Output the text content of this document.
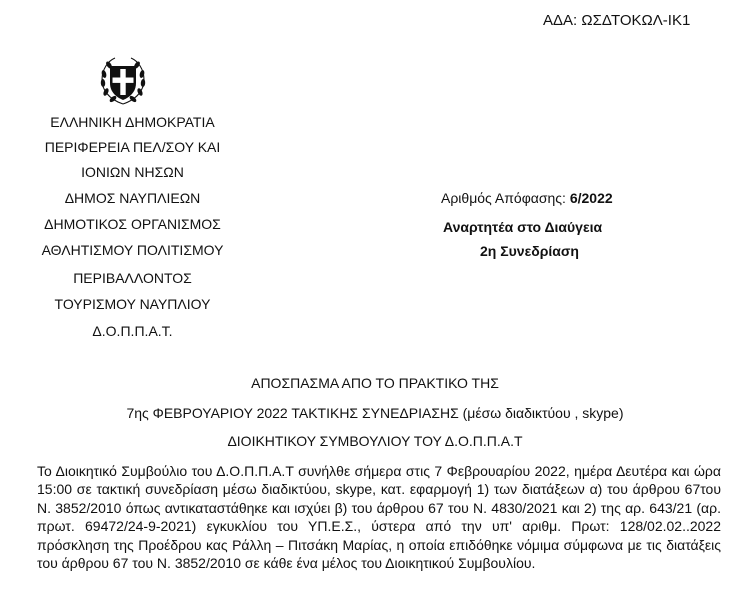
ΑΔΑ: ΩΣΔΤΟΚΩΛ-ΙΚ1
ΕΛΛΗΝΙΚΗ ΔΗΜΟΚΡΑΤΙΑ
ΠΕΡΙΦΕΡΕΙΑ ΠΕΛ/ΣΟΥ ΚΑΙ
ΙΟΝΙΩΝ ΝΗΣΩΝ
ΔΗΜΟΣ ΝΑΥΠΛΙΕΩΝ
ΔΗΜΟΤΙΚΟΣ ΟΡΓΑΝΙΣΜΟΣ
ΑΘΛΗΤΙΣΜΟΥ ΠΟΛΙΤΙΣΜΟΥ
ΠΕΡΙΒΑΛΛΟΝΤΟΣ
ΤΟΥΡΙΣΜΟΥ ΝΑΥΠΛΙΟΥ
Δ.Ο.Π.Π.Α.Τ.
Αριθμός Απόφασης: 6/2022
Αναρτητέα στο Διαύγεια
2η Συνεδρίαση
ΑΠΟΣΠΑΣΜΑ ΑΠΟ ΤΟ ΠΡΑΚΤΙΚΟ ΤΗΣ
7ης ΦΕΒΡΟΥΑΡΙΟΥ 2022 ΤΑΚΤΙΚΗΣ ΣΥΝΕΔΡΙΑΣΗΣ (μέσω διαδικτύου , skype)
ΔΙΟΙΚΗΤΙΚΟΥ ΣΥΜΒΟΥΛΙΟΥ ΤΟΥ Δ.Ο.Π.Π.Α.Τ
Το Διοικητικό Συμβούλιο του Δ.Ο.Π.Π.Α.Τ συνήλθε σήμερα στις 7 Φεβρουαρίου 2022, ημέρα Δευτέρα και ώρα 15:00 σε τακτική συνεδρίαση μέσω διαδικτύου, skype, κατ. εφαρμογή 1) των διατάξεων α) του άρθρου 67του Ν. 3852/2010 όπως αντικαταστάθηκε και ισχύει β) του άρθρου 67 του Ν. 4830/2021 και 2) της αρ. 643/21 (αρ. πρωτ. 69472/24-9-2021) εγκυκλίου του ΥΠ.Ε.Σ., ύστερα από την υπ' αριθμ. Πρωτ: 128/02.02..2022 πρόσκληση της Προέδρου κας Ράλλη – Πιτσάκη Μαρίας, η οποία επιδόθηκε νόμιμα σύμφωνα με τις διατάξεις του άρθρου 67 του Ν. 3852/2010 σε κάθε ένα μέλος του Διοικητικού Συμβουλίου.
